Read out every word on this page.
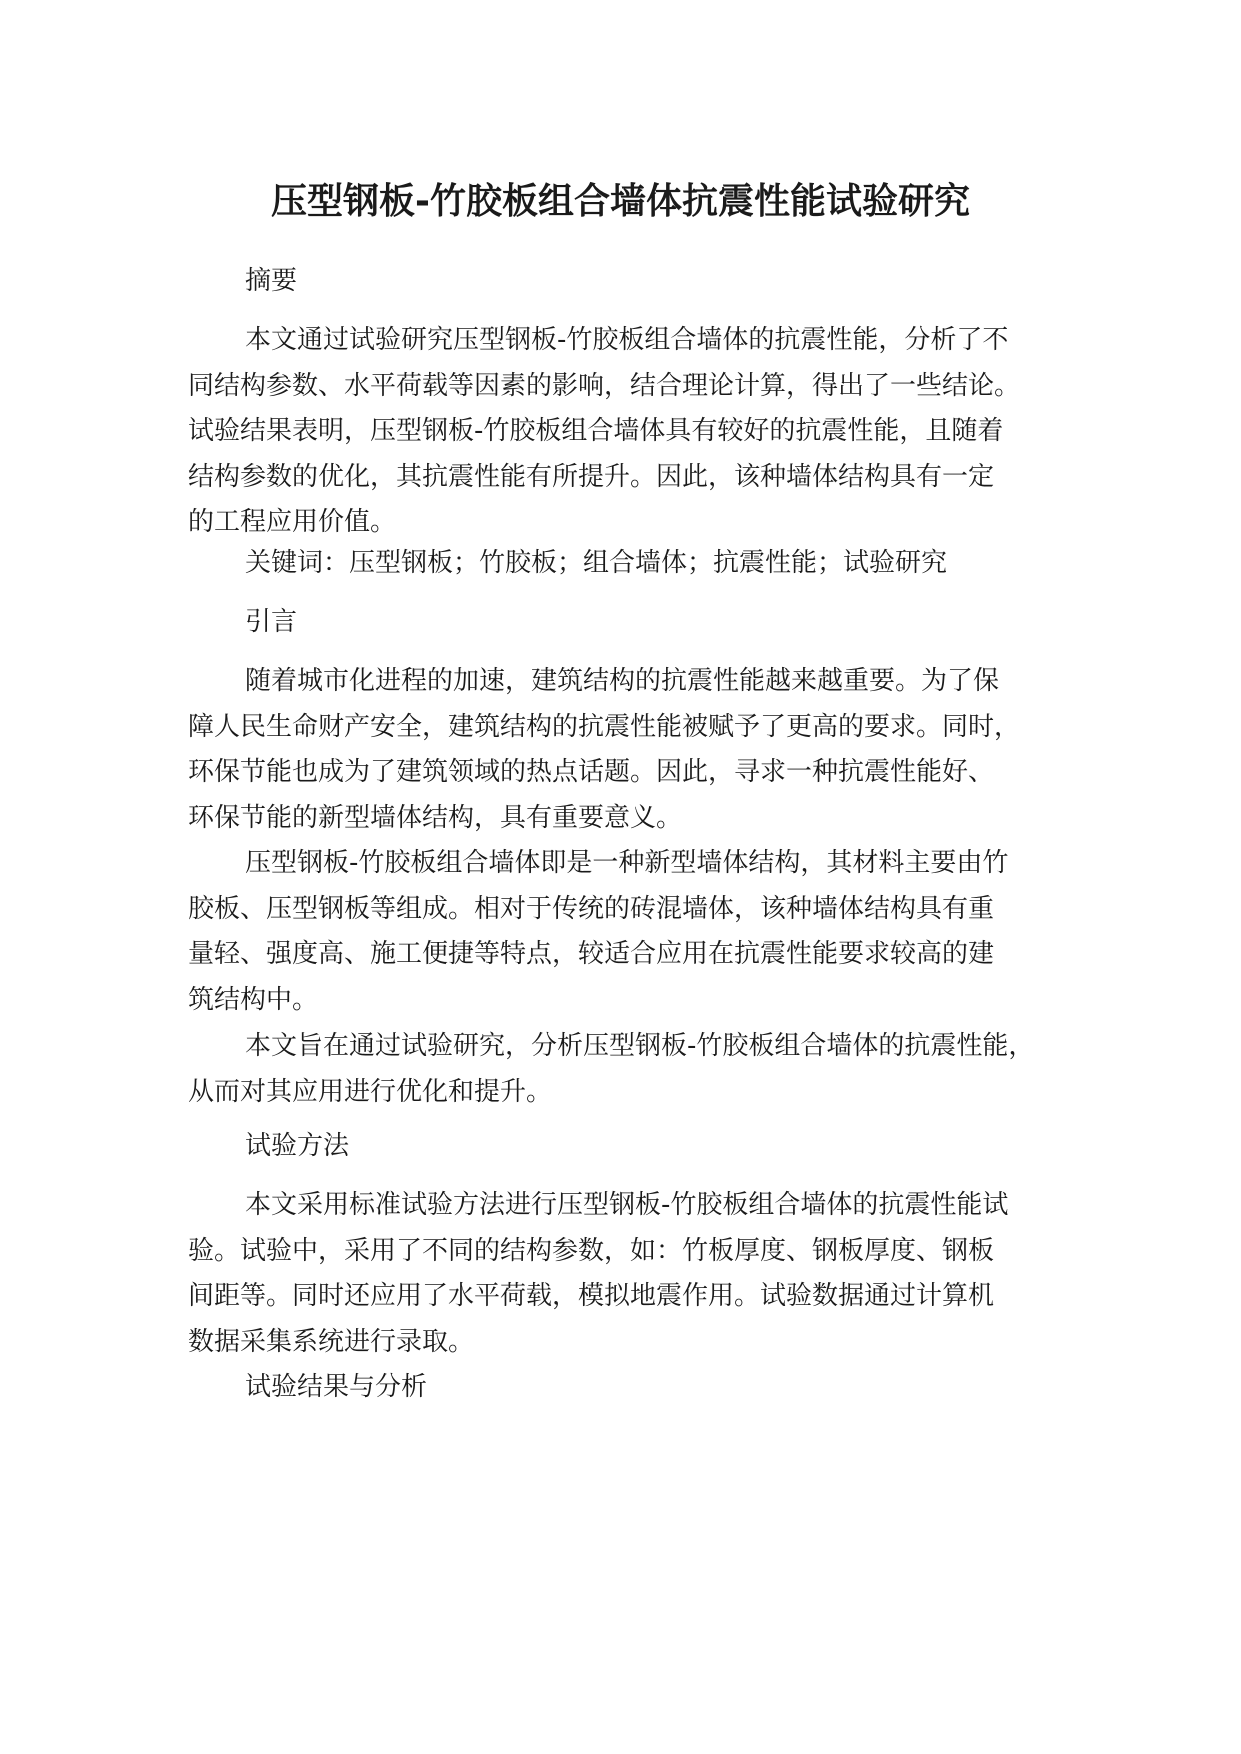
压型钢板-竹胶板组合墙体抗震性能试验研究
摘要
本文通过试验研究压型钢板-竹胶板组合墙体的抗震性能，分析了不
同结构参数、水平荷载等因素的影响，结合理论计算，得出了一些结论。
试验结果表明，压型钢板-竹胶板组合墙体具有较好的抗震性能，且随着
结构参数的优化，其抗震性能有所提升。因此，该种墙体结构具有一定
的工程应用价值。
关键词：压型钢板；竹胶板；组合墙体；抗震性能；试验研究
引言
随着城市化进程的加速，建筑结构的抗震性能越来越重要。为了保
障人民生命财产安全，建筑结构的抗震性能被赋予了更高的要求。同时，
环保节能也成为了建筑领域的热点话题。因此，寻求一种抗震性能好、
环保节能的新型墙体结构，具有重要意义。
压型钢板-竹胶板组合墙体即是一种新型墙体结构，其材料主要由竹
胶板、压型钢板等组成。相对于传统的砖混墙体，该种墙体结构具有重
量轻、强度高、施工便捷等特点，较适合应用在抗震性能要求较高的建
筑结构中。
本文旨在通过试验研究，分析压型钢板-竹胶板组合墙体的抗震性能，
从而对其应用进行优化和提升。
试验方法
本文采用标准试验方法进行压型钢板-竹胶板组合墙体的抗震性能试
验。试验中，采用了不同的结构参数，如：竹板厚度、钢板厚度、钢板
间距等。同时还应用了水平荷载，模拟地震作用。试验数据通过计算机
数据采集系统进行录取。
试验结果与分析
